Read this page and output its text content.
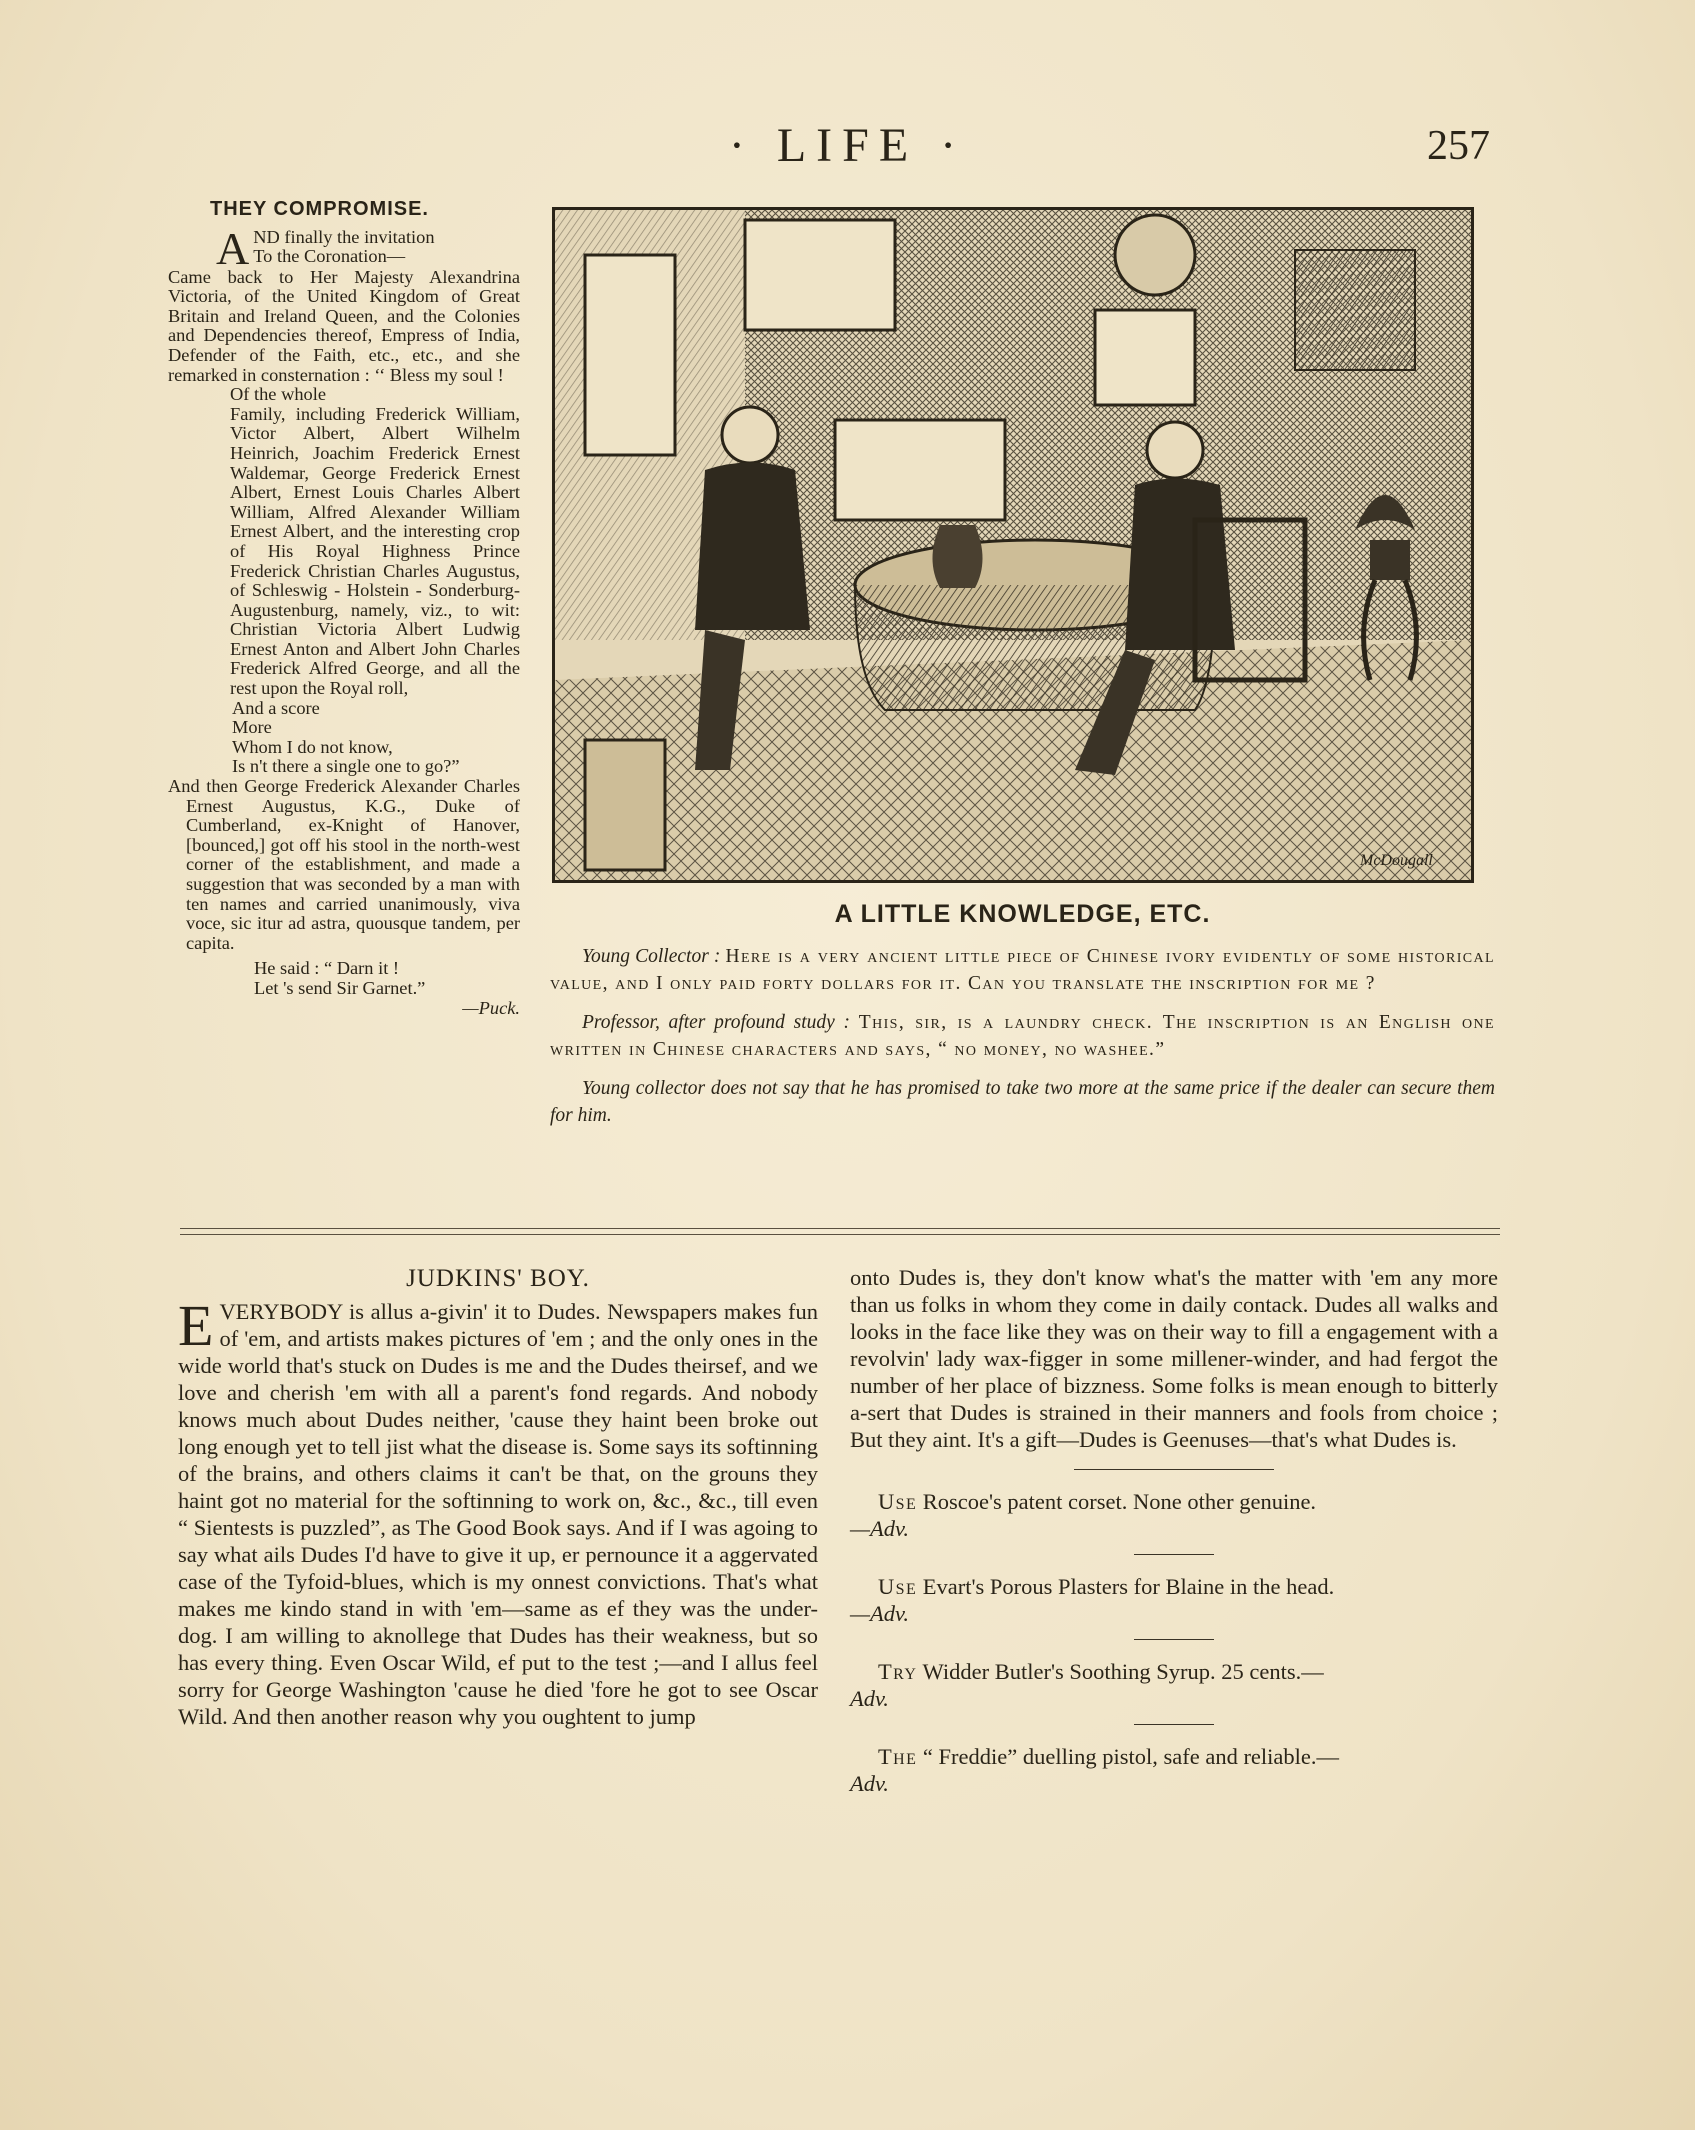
· LIFE ·	257
THEY COMPROMISE.
A ND finally the invitation

To the Coronation—

Came back to Her Majesty Alexandrina Victoria, of the United Kingdom of Great Britain and Ireland Queen, and the Colonies and Dependencies thereof, Empress of India, Defender of the Faith, etc., etc., and she remarked in consternation : ‘‘ Bless my soul !

Of the whole

Family, including Frederick William, Victor Albert, Albert Wilhelm Heinrich, Joachim Frederick Ernest Waldemar, George Frederick Ernest Albert, Ernest Louis Charles Albert William, Alfred Alexander William Ernest Albert, and the interesting crop of His Royal Highness Prince Frederick Christian Charles Augustus, of Schleswig - Holstein - Sonderburg-Augustenburg, namely, viz., to wit: Christian Victoria Albert Ludwig Ernest Anton and Albert John Charles Frederick Alfred George, and all the rest upon the Royal roll,

And a score

More

Whom I do not know,

Is n't there a single one to go?”

And then George Frederick Alexander Charles Ernest Augustus, K.G., Duke of Cumberland, ex-Knight of Hanover, [bounced,] got off his stool in the north-west corner of the establishment, and made a suggestion that was seconded by a man with ten names and carried unanimously, viva voce, sic itur ad astra, quousque tandem, per capita.

He said : “ Darn it !

Let 's send Sir Garnet.”

—Puck.

McDougall
A LITTLE KNOWLEDGE, ETC.

Young Collector : Here is a very ancient little piece of Chinese ivory evidently of some historical value, and I only paid forty dollars for it. Can you translate the inscription for me ?

Professor, after profound study : This, sir, is a laundry check. The inscription is an English one written in Chinese characters and says, “ no money, no washee.”

Young collector does not say that he has promised to take two more at the same price if the dealer can secure them for him.

JUDKINS' BOY.
E VERYBODY is allus a-givin' it to Dudes. Newspapers makes fun of 'em, and artists makes pictures of 'em ; and the only ones in the wide world that's stuck on Dudes is me and the Dudes theirsef, and we love and cherish 'em with all a parent's fond regards. And nobody knows much about Dudes neither, 'cause they haint been broke out long enough yet to tell jist what the disease is. Some says its softinning of the brains, and others claims it can't be that, on the grouns they haint got no material for the softinning to work on, &c., &c., till even “ Sientests is puzzled”, as The Good Book says. And if I was agoing to say what ails Dudes I'd have to give it up, er pernounce it a aggervated case of the Tyfoid-blues, which is my onnest convictions. That's what makes me kindo stand in with 'em—same as ef they was the under-dog. I am willing to aknollege that Dudes has their weakness, but so has every thing. Even Oscar Wild, ef put to the test ;—and I allus feel sorry for George Washington 'cause he died 'fore he got to see Oscar Wild. And then another reason why you oughtent to jump

onto Dudes is, they don't know what's the matter with 'em any more than us folks in whom they come in daily contack. Dudes all walks and looks in the face like they was on their way to fill a engagement with a revolvin' lady wax-figger in some millener-winder, and had fergot the number of her place of bizzness. Some folks is mean enough to bitterly a-sert that Dudes is strained in their manners and fools from choice ; But they aint. It's a gift—Dudes is Geenuses—that's what Dudes is.

Use Roscoe's patent corset. None other genuine.
—Adv.

Use Evart's Porous Plasters for Blaine in the head.
—Adv.

Try Widder Butler's Soothing Syrup. 25 cents.—
Adv.

The “ Freddie” duelling pistol, safe and reliable.—
Adv.
